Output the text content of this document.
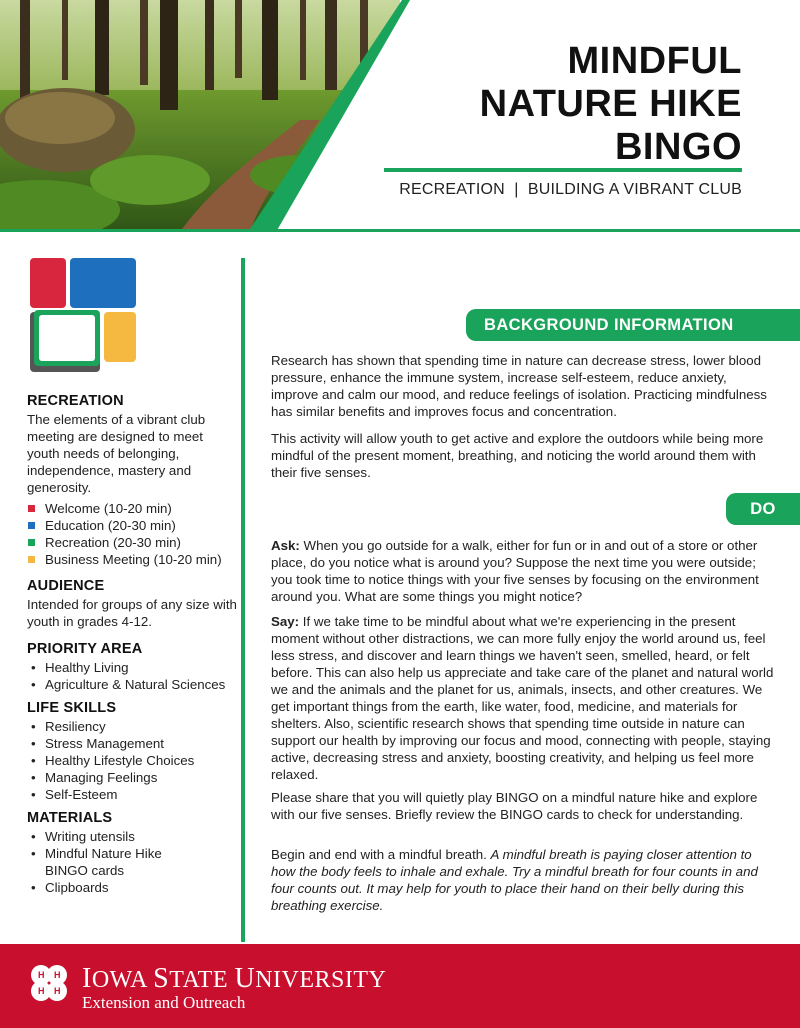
MINDFUL
NATURE HIKE
BINGO
RECREATION  |  BUILDING A VIBRANT CLUB
RECREATION

The elements of a vibrant club meeting are designed to meet youth needs of belonging, independence, mastery and generosity.

Welcome (10-20 min)
Education (20-30 min)
Recreation (20-30 min)
Business Meeting (10-20 min)
AUDIENCE

Intended for groups of any size with youth in grades 4-12.

PRIORITY AREA
• Healthy Living
• Agriculture & Natural Sciences
LIFE SKILLS
• Resiliency
• Stress Management
• Healthy Lifestyle Choices
• Managing Feelings
• Self-Esteem
MATERIALS
• Writing utensils
• Mindful Nature Hike
BINGO cards
• Clipboards
BACKGROUND INFORMATION

Research has shown that spending time in nature can decrease stress, lower blood pressure, enhance the immune system, increase self-esteem, reduce anxiety, improve and calm our mood, and reduce feelings of isolation. Practicing mindfulness has similar benefits and improves focus and concentration.

This activity will allow youth to get active and explore the outdoors while being more mindful of the present moment, breathing, and noticing the world around them with their five senses.

DO

Ask: When you go outside for a walk, either for fun or in and out of a store or other place, do you notice what is around you? Suppose the next time you were outside; you took time to notice things with your five senses by focusing on the environment around you. What are some things you might notice?

Say: If we take time to be mindful about what we're experiencing in the present moment without other distractions, we can more fully enjoy the world around us, feel less stress, and discover and learn things we haven't seen, smelled, heard, or felt before. This can also help us appreciate and take care of the planet and natural world we and the animals and the planet for us, animals, insects, and other creatures. We get important things from the earth, like water, food, medicine, and materials for shelters. Also, scientific research shows that spending time outside in nature can support our health by improving our focus and mood, connecting with people, staying active, decreasing stress and anxiety, boosting creativity, and helping us feel more relaxed.

Please share that you will quietly play BINGO on a mindful nature hike and explore with our five senses. Briefly review the BINGO cards to check for understanding.

Begin and end with a mindful breath. A mindful breath is paying closer attention to how the body feels to inhale and exhale. Try a mindful breath for four counts in and four counts out. It may help for youth to place their hand on their belly during this breathing exercise.

H H
H H IOWA STATE UNIVERSITY
Extension and Outreach
